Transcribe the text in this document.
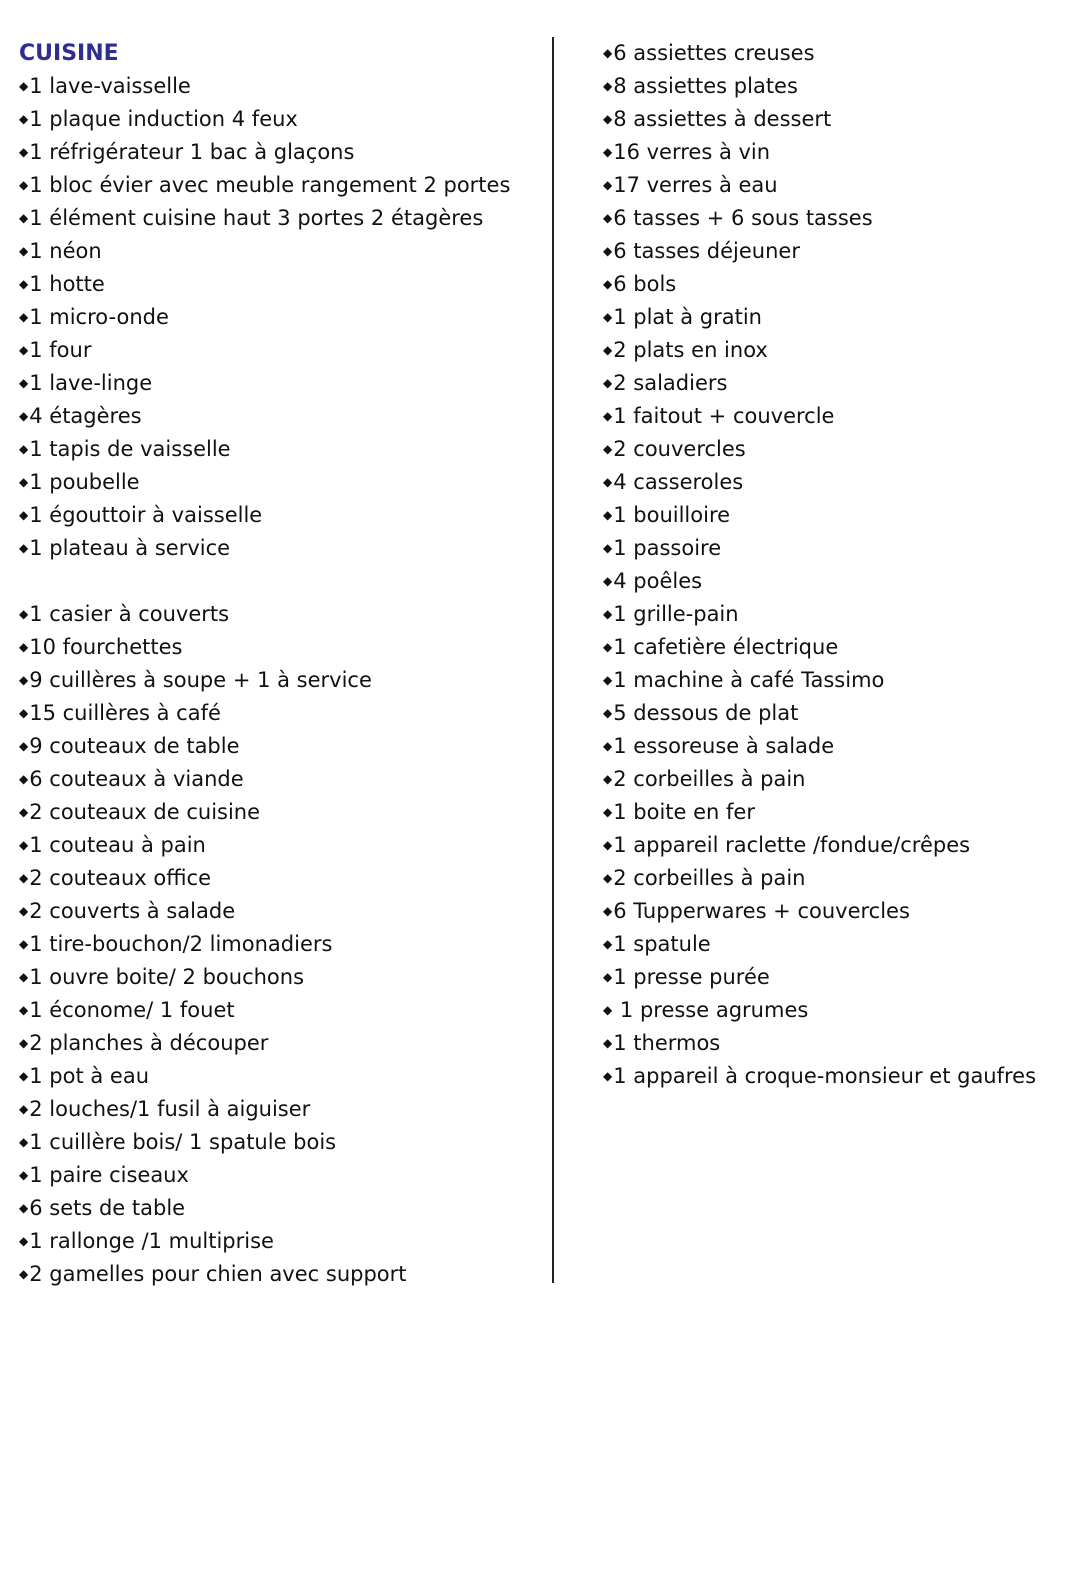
CUISINE
◆1 lave-vaisselle
◆1 plaque induction 4 feux
◆1 réfrigérateur 1 bac à glaçons
◆1 bloc évier avec meuble rangement 2 portes
◆1 élément cuisine haut 3 portes 2 étagères
◆1 néon
◆1 hotte
◆1 micro-onde
◆1 four
◆1 lave-linge
◆4 étagères
◆1 tapis de vaisselle
◆1 poubelle
◆1 égouttoir à vaisselle
◆1 plateau à service
◆1 casier à couverts
◆10 fourchettes
◆9 cuillères à soupe + 1 à service
◆15 cuillères à café
◆9 couteaux de table
◆6 couteaux à viande
◆2 couteaux de cuisine
◆1 couteau à pain
◆2 couteaux office
◆2 couverts à salade
◆1 tire-bouchon/2 limonadiers
◆1 ouvre boite/ 2 bouchons
◆1 économe/ 1 fouet
◆2 planches à découper
◆1 pot à eau
◆2 louches/1 fusil à aiguiser
◆1 cuillère bois/ 1 spatule bois
◆1 paire ciseaux
◆6 sets de table
◆1 rallonge /1 multiprise
◆2 gamelles pour chien avec support
◆6 assiettes creuses
◆8 assiettes plates
◆8 assiettes à dessert
◆16 verres à vin
◆17 verres à eau
◆6 tasses + 6 sous tasses
◆6 tasses déjeuner
◆6 bols
◆1 plat à gratin
◆2 plats en inox
◆2 saladiers
◆1 faitout + couvercle
◆2 couvercles
◆4 casseroles
◆1 bouilloire
◆1 passoire
◆4 poêles
◆1 grille-pain
◆1 cafetière électrique
◆1 machine à café Tassimo
◆5 dessous de plat
◆1 essoreuse à salade
◆2 corbeilles à pain
◆1 boite en fer
◆1 appareil raclette /fondue/crêpes
◆2 corbeilles à pain
◆6 Tupperwares + couvercles
◆1 spatule
◆1 presse purée
◆ 1 presse agrumes
◆1 thermos
◆1 appareil à croque-monsieur et gaufres
